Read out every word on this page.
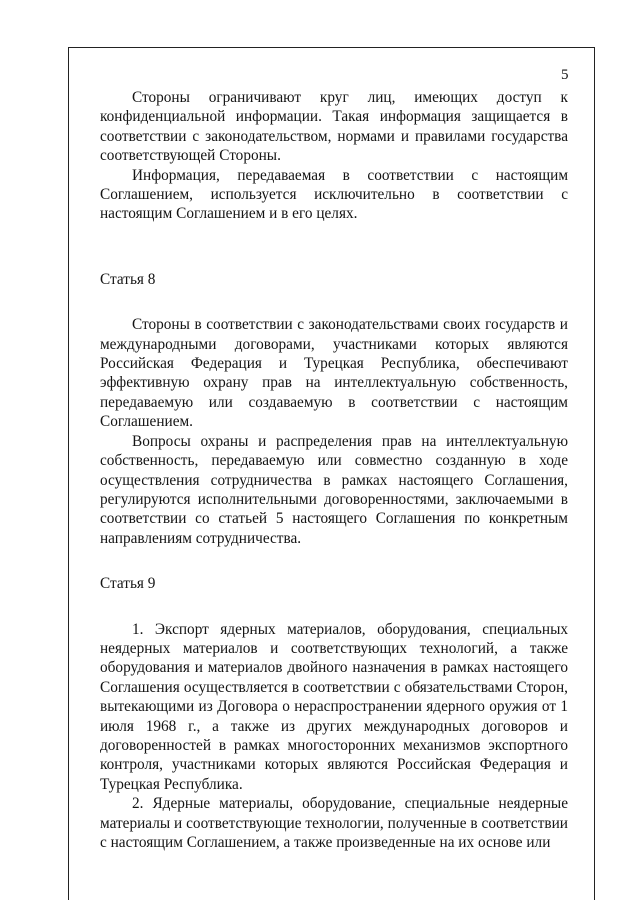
5

Стороны ограничивают круг лиц, имеющих доступ к конфиденциальной информации. Такая информация защищается в соответствии с законодательством, нормами и правилами государства соответствующей Стороны.

Информация, передаваемая в соответствии с настоящим Соглашением, используется исключительно в соответствии с настоящим Соглашением и в его целях.

Статья 8

Стороны в соответствии с законодательствами своих государств и международными договорами, участниками которых являются Российская Федерация и Турецкая Республика, обеспечивают эффективную охрану прав на интеллектуальную собственность, передаваемую или создаваемую в соответствии с настоящим Соглашением.

Вопросы охраны и распределения прав на интеллектуальную собственность, передаваемую или совместно созданную в ходе осуществления сотрудничества в рамках настоящего Соглашения, регулируются исполнительными договоренностями, заключаемыми в соответствии со статьей 5 настоящего Соглашения по конкретным направлениям сотрудничества.

Статья 9

1. Экспорт ядерных материалов, оборудования, специальных неядерных материалов и соответствующих технологий, а также оборудования и материалов двойного назначения в рамках настоящего Соглашения осуществляется в соответствии с обязательствами Сторон, вытекающими из Договора о нераспространении ядерного оружия от 1 июля 1968 г., а также из других международных договоров и договоренностей в рамках многосторонних механизмов экспортного контроля, участниками которых являются Российская Федерация и Турецкая Республика.

2. Ядерные материалы, оборудование, специальные неядерные материалы и соответствующие технологии, полученные в соответствии с настоящим Соглашением, а также произведенные на их основе или
